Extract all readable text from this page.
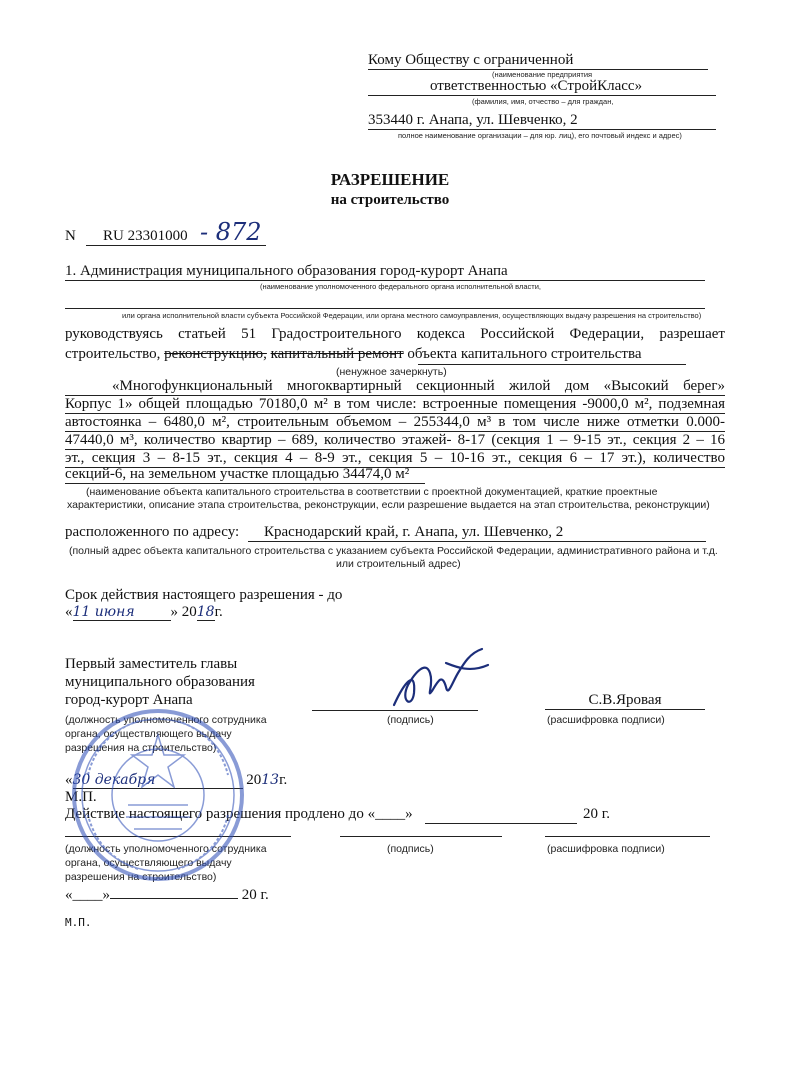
Кому Обществу с ограниченной
(наименование предприятия
ответственностью «СтройКласс»
(фамилия, имя, отчество – для граждан,
353440 г. Анапа, ул. Шевченко, 2
полное наименование организации – для юр. лиц), его почтовый индекс и адрес)
РАЗРЕШЕНИЕ
на строительство
N	RU 23301000 - 872
1. Администрация муниципального образования город-курорт Анапа
(наименование уполномоченного федерального органа исполнительной власти,
или органа исполнительной власти субъекта Российской Федерации, или органа местного самоуправления, осуществляющих выдачу разрешения на строительство)
руководствуясь статьей 51 Градостроительного кодекса Российской Федерации, разрешает
строительство, реконструкцию, капитальный ремонт объекта капитального строительства
(ненужное зачеркнуть)
«Многофункциональный многоквартирный секционный жилой дом «Высокий берег»
Корпус 1» общей площадью 70180,0 м² в том числе: встроенные помещения -9000,0 м², подземная
автостоянка – 6480,0 м², строительным объемом – 255344,0 м³ в том числе ниже отметки 0.000-
47440,0 м³, количество квартир – 689, количество этажей- 8-17 (секция 1 – 9-15 эт., секция 2 – 16
эт., секция 3 – 8-15 эт., секция 4 – 8-9 эт., секция 5 – 10-16 эт., секция 6 – 17 эт.), количество
секций-6, на земельном участке площадью 34474,0 м²
(наименование объекта капитального строительства в соответствии с проектной документацией, краткие проектные
характеристики, описание этапа строительства, реконструкции, если разрешение выдается на этап строительства, реконструкции)
расположенного по адресу:	Краснодарский край, г. Анапа, ул. Шевченко, 2
(полный адрес объекта капитального строительства с указанием субъекта Российской Федерации, административного района и т.д.
или строительный адрес)
Срок действия настоящего разрешения - до
«11 июня » 2018г.
Первый заместитель главы
муниципального образования
город-курорт Анапа	С.В.Яровая
(должность уполномоченного сотрудника
органа, осуществляющего выдачу
разрешения на строительство)
(подпись)	(расшифровка подписи)
«30 декабря	2013г.
М.П.
Действие настоящего разрешения продлено до «____»	20 г.
(должность уполномоченного сотрудника
органа, осуществляющего выдачу
разрешения на строительство)
(подпись)	(расшифровка подписи)
«____»	20 г.
М.П.
